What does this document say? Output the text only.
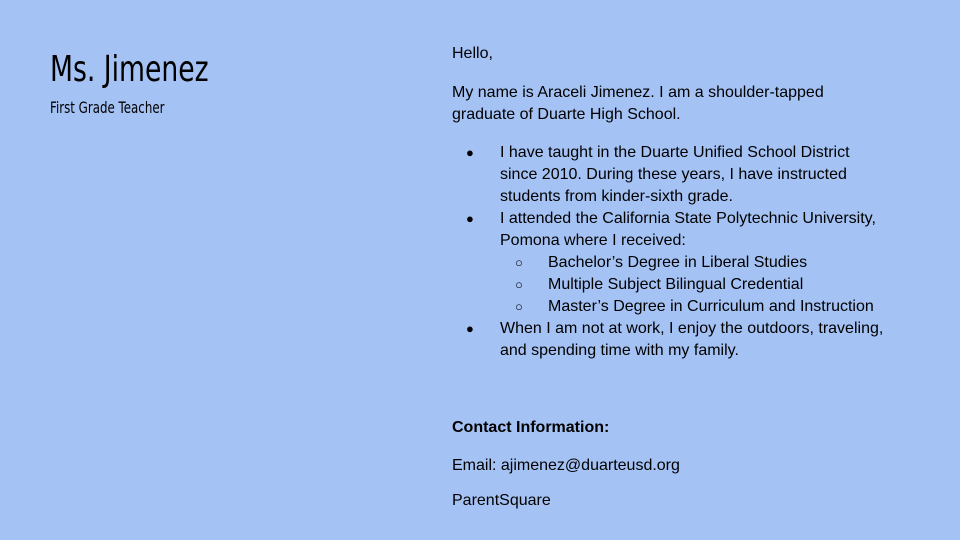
Ms. Jimenez

First Grade Teacher

Hello,

My name is Araceli Jimenez. I am a shoulder-tapped
graduate of Duarte High School.

● I have taught in the Duarte Unified School District
since 2010. During these years, I have instructed
students from kinder-sixth grade.
● I attended the California State Polytechnic University,
Pomona where I received:
○ Bachelor’s Degree in Liberal Studies
○ Multiple Subject Bilingual Credential
○ Master’s Degree in Curriculum and Instruction
● When I am not at work, I enjoy the outdoors, traveling,
and spending time with my family.

Contact Information:

Email: ajimenez@duarteusd.org

ParentSquare
